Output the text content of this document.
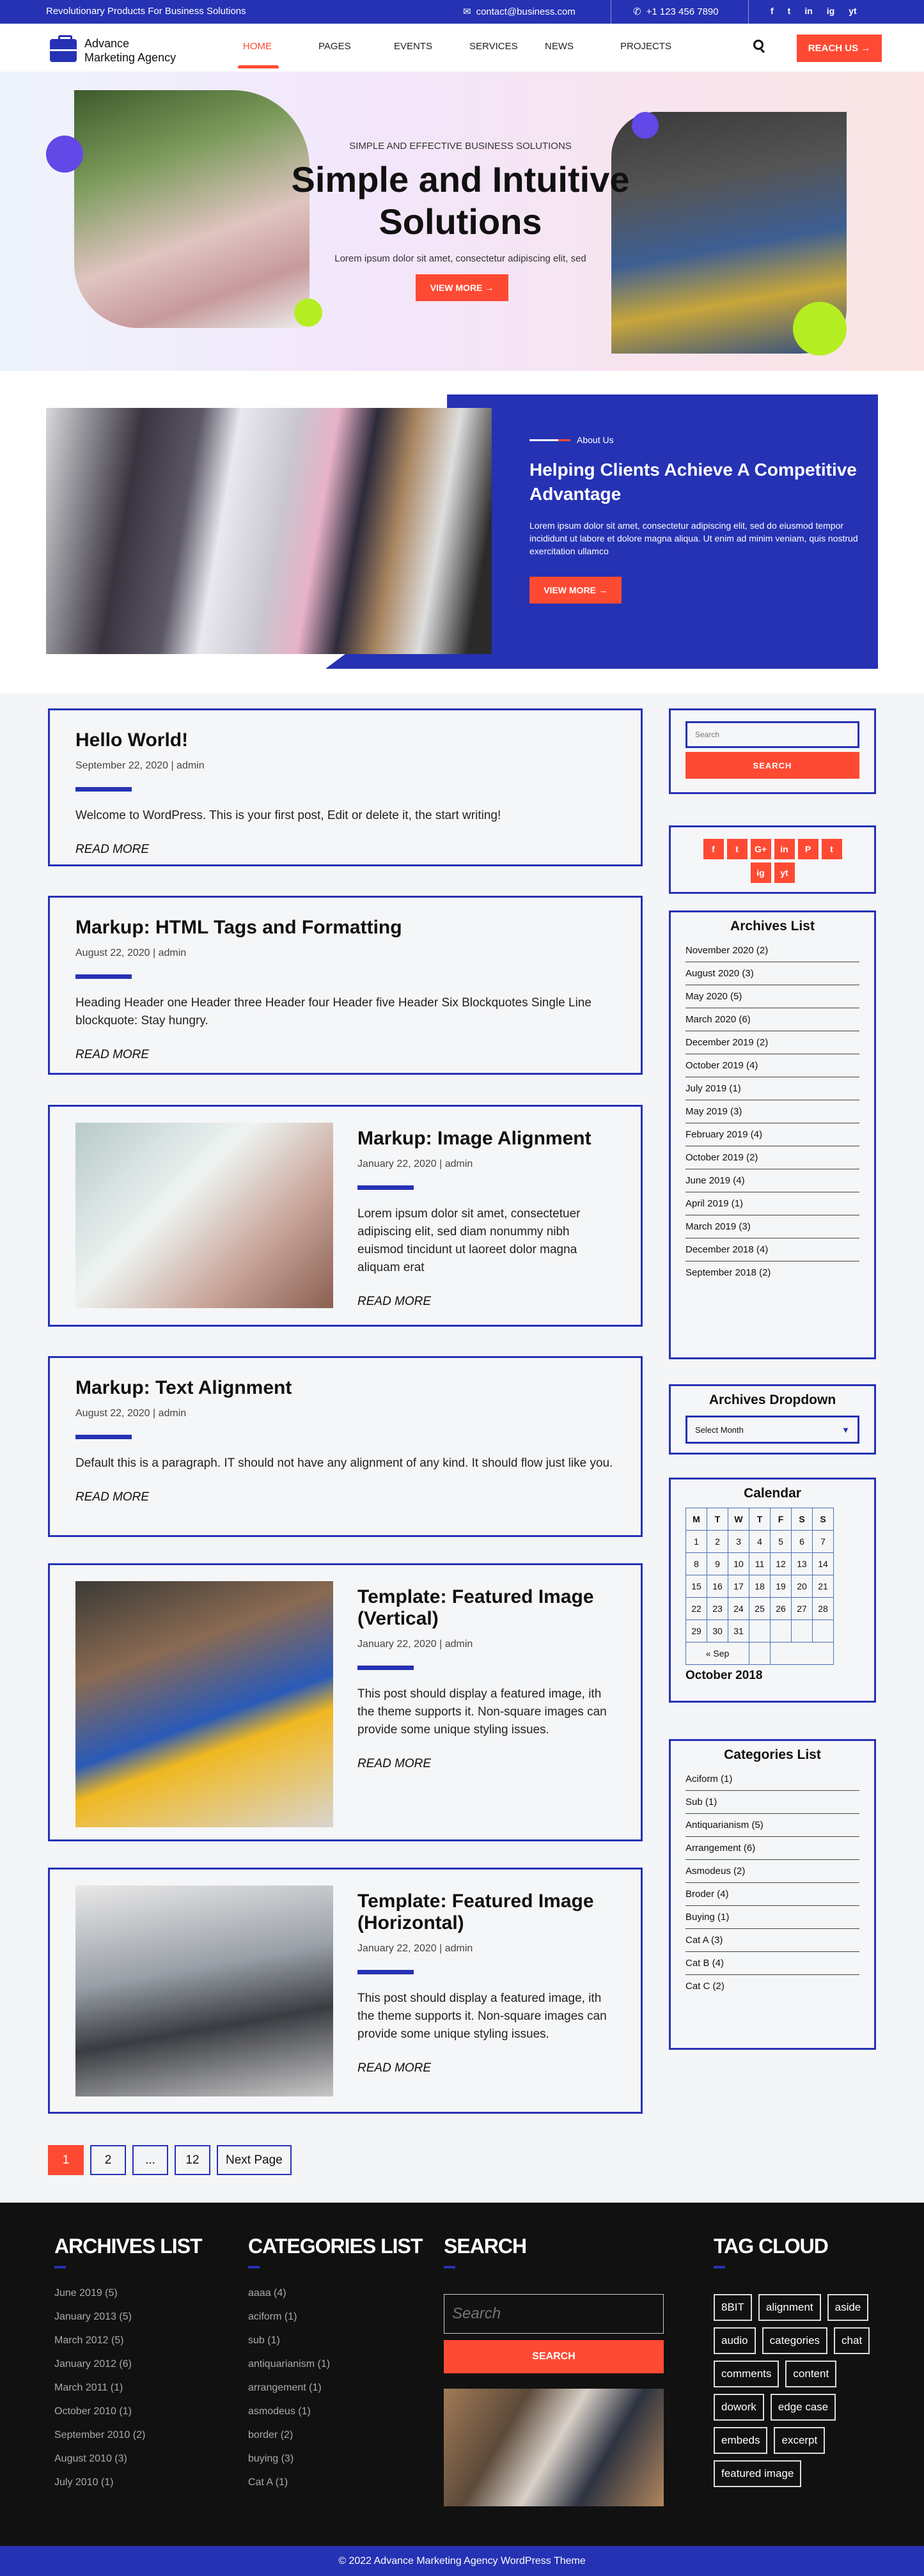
Revolutionary Products For Business Solutions	✉ contact@business.com	✆ +1 123 456 7890	f t in ig yt
Advance
Marketing Agency
HOME	PAGES	EVENTS	SERVICES	NEWS	PROJECTS	REACH US →
SIMPLE AND EFFECTIVE BUSINESS SOLUTIONS
Simple and Intuitive
Solutions
Lorem ipsum dolor sit amet, consectetur adipiscing elit, sed
VIEW MORE →
About Us
Helping Clients Achieve A Competitive Advantage

Lorem ipsum dolor sit amet, consectetur adipiscing elit, sed do eiusmod tempor incididunt ut labore et dolore magna aliqua. Ut enim ad minim veniam, quis nostrud exercitation ullamco

VIEW MORE →
Hello World!
September 22, 2020 | admin

Welcome to WordPress. This is your first post, Edit or delete it, the start writing!

READ MORE
Markup: HTML Tags and Formatting
August 22, 2020 | admin

Heading Header one Header three Header four Header five Header Six Blockquotes Single Line blockquote: Stay hungry.

READ MORE
Markup: Image Alignment
January 22, 2020 | admin

Lorem ipsum dolor sit amet, consectetuer adipiscing elit, sed diam nonummy nibh euismod tincidunt ut laoreet dolor magna aliquam erat

READ MORE
Markup: Text Alignment
August 22, 2020 | admin

Default this is a paragraph. IT should not have any alignment of any kind. It should flow just like you.

READ MORE
Template: Featured Image (Vertical)
January 22, 2020 | admin

This post should display a featured image, ith the theme supports it. Non-square images can provide some unique styling issues.

READ MORE
Template: Featured Image (Horizontal)
January 22, 2020 | admin

This post should display a featured image, ith the theme supports it. Non-square images can provide some unique styling issues.

READ MORE
1	2	...	12	Next Page
Search
SEARCH
f	t	G+	in	P	t
ig	yt
Archives List
November 2020 (2)
August 2020 (3)
May 2020 (5)
March 2020 (6)
December 2019 (2)
October 2019 (4)
July 2019 (1)
May 2019 (3)
February 2019 (4)
October 2019 (2)
June 2019 (4)
April 2019 (1)
March 2019 (3)
December 2018 (4)
September 2018 (2)
Archives Dropdown
Select Month	▼
Calendar
M	T	W	T	F	S	S
1	2	3	4	5	6	7
8	9	10	11	12	13	14
15	16	17	18	19	20	21
22	23	24	25	26	27	28
29	30	31				
« Sep						
October 2018
Categories List
Aciform (1)
Sub (1)
Antiquarianism (5)
Arrangement (6)
Asmodeus (2)
Broder (4)
Buying (1)
Cat A (3)
Cat B (4)
Cat C (2)
ARCHIVES LIST
June 2019 (5)
January 2013 (5)
March 2012 (5)
January 2012 (6)
March 2011 (1)
October 2010 (1)
September 2010 (2)
August 2010 (3)
July 2010 (1)
CATEGORIES LIST
aaaa (4)
aciform (1)
sub (1)
antiquarianism (1)
arrangement (1)
asmodeus (1)
border (2)
buying (3)
Cat A (1)
SEARCH
Search
SEARCH
TAG CLOUD
8BIT	alignment	aside
audio	categories	chat
comments	content
dowork	edge case
embeds	excerpt
featured image
© 2022 Advance Marketing Agency WordPress Theme
